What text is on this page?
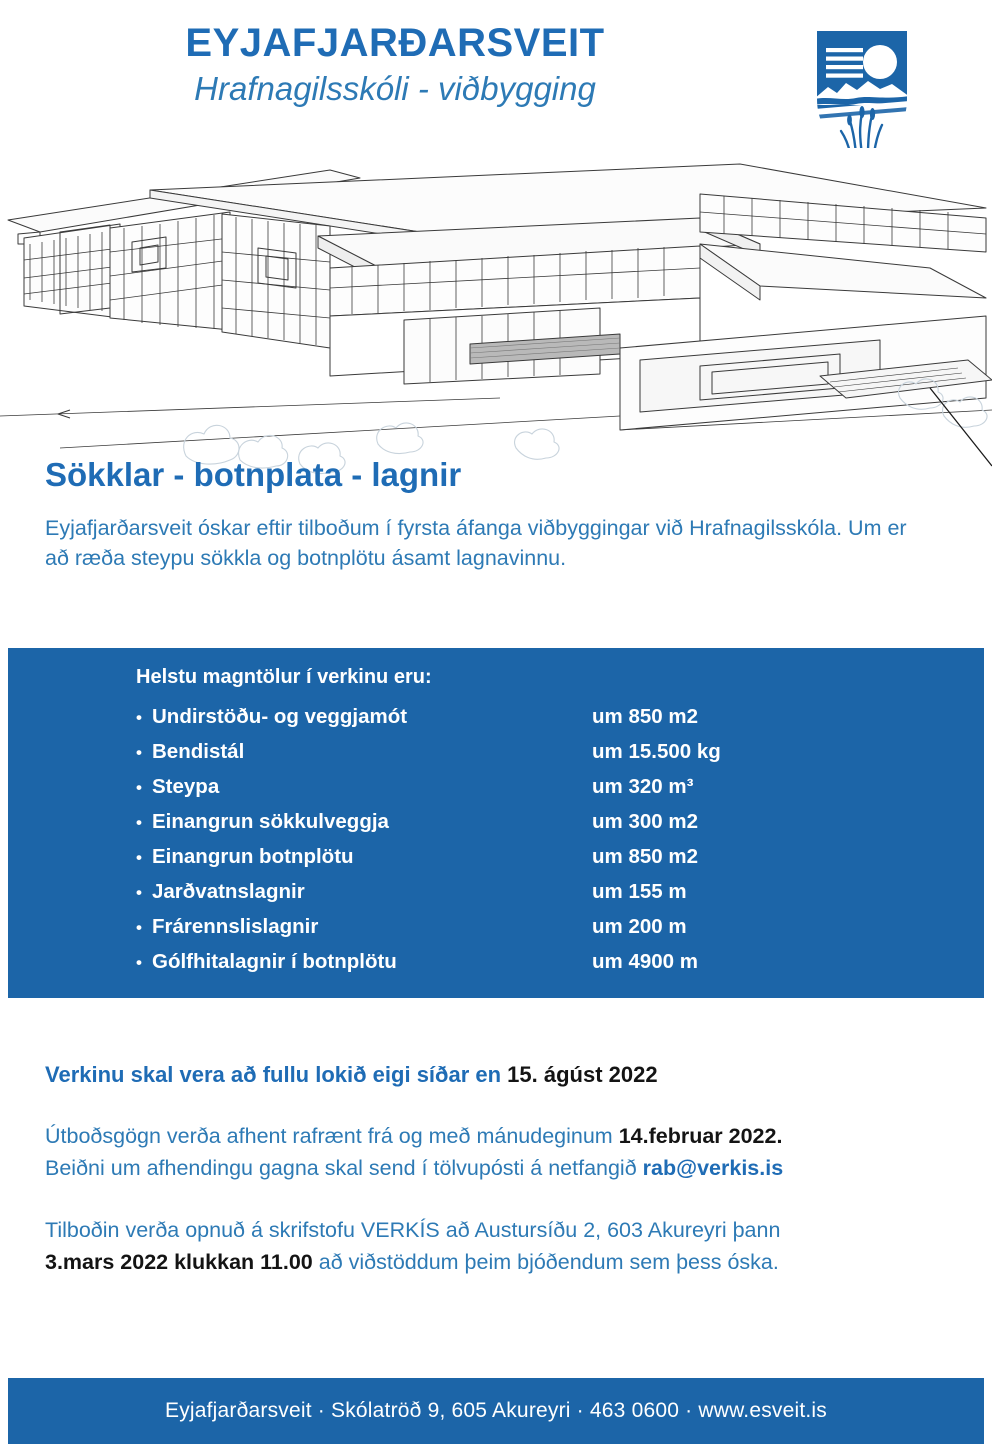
EYJAFJARÐARSVEIT
Hrafnagilsskóli - viðbygging
Sökklar - botnplata - lagnir

Eyjafjarðarsveit óskar eftir tilboðum í fyrsta áfanga viðbyggingar við Hrafnagilsskóla. Um er að ræða steypu sökkla og botnplötu ásamt lagnavinnu.

Helstu magntölur í verkinu eru:
• Undirstöðu- og veggjamót	um 850 m2
• Bendistál	um 15.500 kg
• Steypa	um 320 m³
• Einangrun sökkulveggja	um 300 m2
• Einangrun botnplötu	um 850 m2
• Jarðvatnslagnir	um 155 m
• Frárennslislagnir	um 200 m
• Gólfhitalagnir í botnplötu	um 4900 m

Verkinu skal vera að fullu lokið eigi síðar en 15. ágúst 2022

Útboðsgögn verða afhent rafrænt frá og með mánudeginum 14.februar 2022.
Beiðni um afhendingu gagna skal send í tölvupósti á netfangið rab@verkis.is

Tilboðin verða opnuð á skrifstofu VERKÍS að Austursíðu 2, 603 Akureyri þann
3.mars 2022 klukkan 11.00 að viðstöddum þeim bjóðendum sem þess óska.

Eyjafjarðarsveit · Skólatröð 9, 605 Akureyri · 463 0600 · www.esveit.is
